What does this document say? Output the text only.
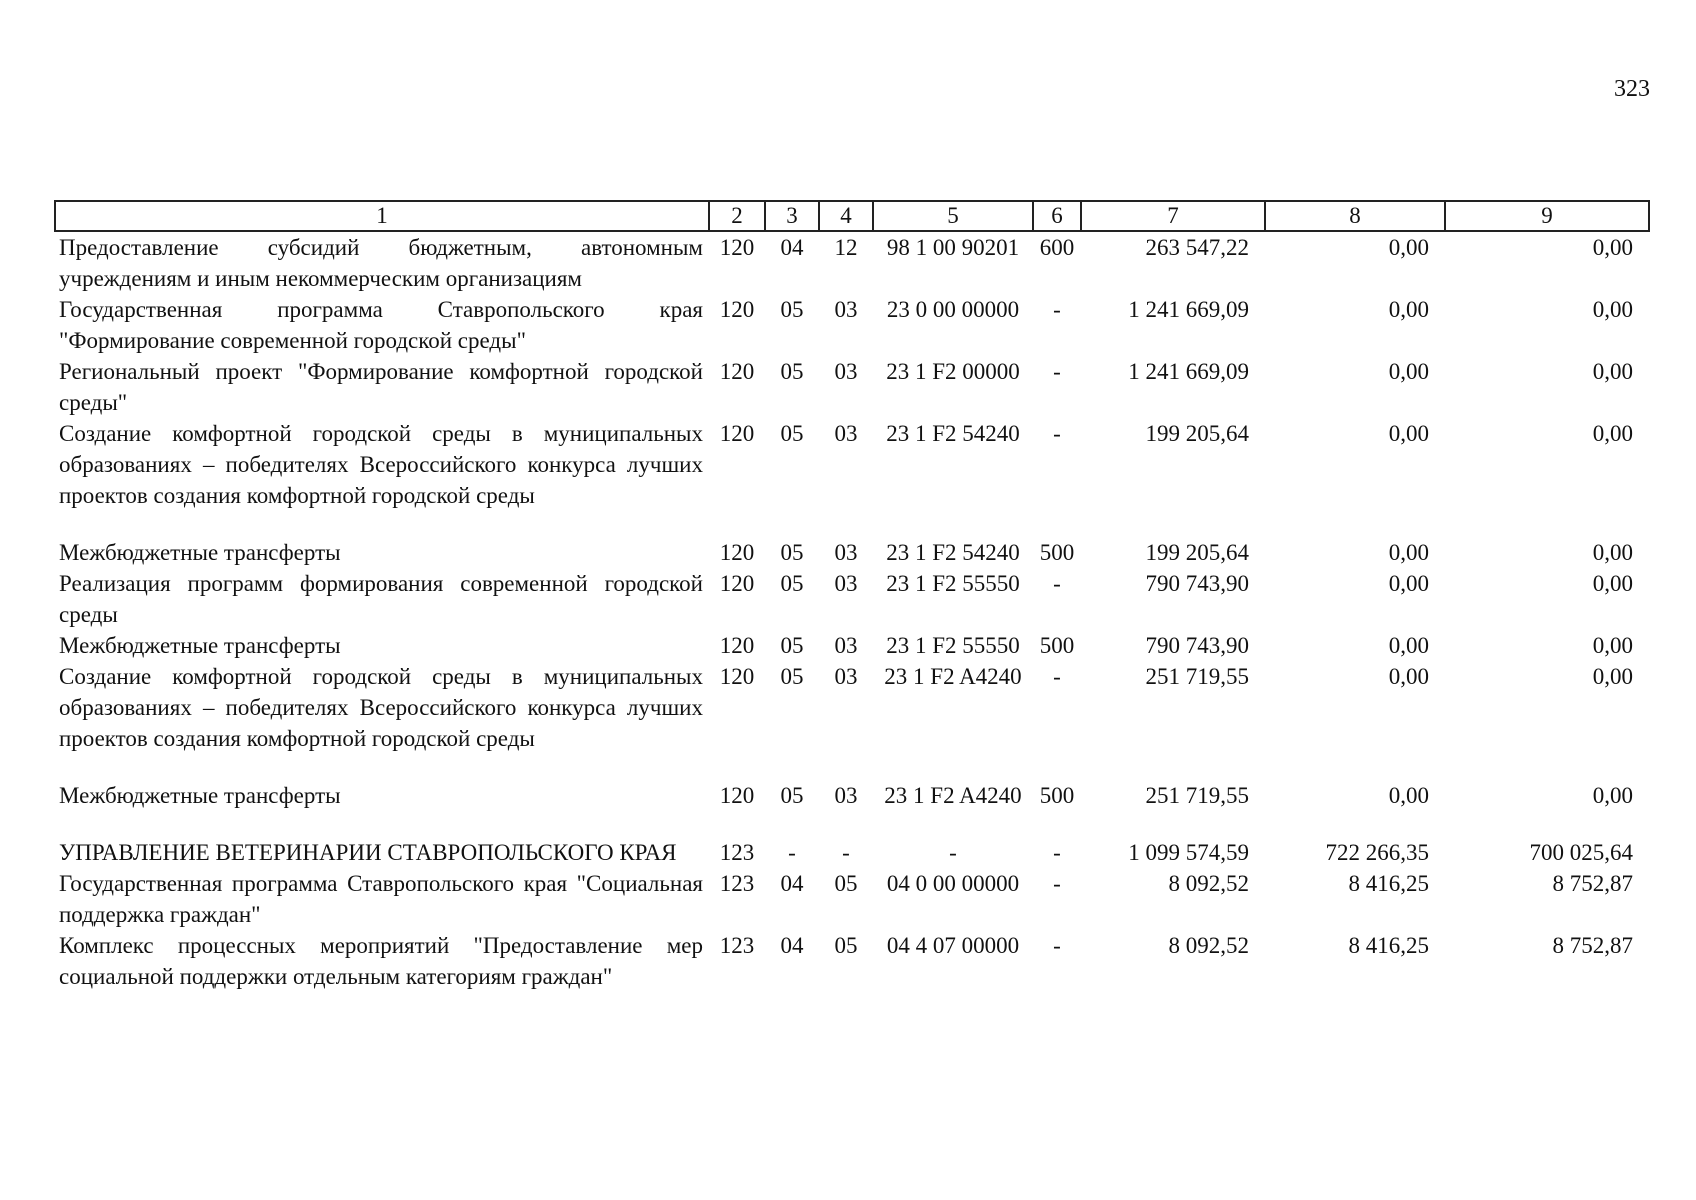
323
1	2	3	4	5	6	7	8	9
Предоставление субсидий бюджетным, автономным учреждениям и иным некоммерческим организациям	120	04	12	98 1 00 90201	600	263 547,22	0,00	0,00
Государственная программа Ставропольского края "Формирование современной городской среды"	120	05	03	23 0 00 00000	-	1 241 669,09	0,00	0,00
Региональный проект "Формирование комфортной городской среды"	120	05	03	23 1 F2 00000	-	1 241 669,09	0,00	0,00
Создание комфортной городской среды в муниципальных образованиях – победителях Всероссийского конкурса лучших проектов создания комфортной городской среды	120	05	03	23 1 F2 54240	-	199 205,64	0,00	0,00
Межбюджетные трансферты	120	05	03	23 1 F2 54240	500	199 205,64	0,00	0,00
Реализация программ формирования современной городской среды	120	05	03	23 1 F2 55550	-	790 743,90	0,00	0,00
Межбюджетные трансферты	120	05	03	23 1 F2 55550	500	790 743,90	0,00	0,00
Создание комфортной городской среды в муниципальных образованиях – победителях Всероссийского конкурса лучших проектов создания комфортной городской среды	120	05	03	23 1 F2 A4240	-	251 719,55	0,00	0,00
Межбюджетные трансферты	120	05	03	23 1 F2 A4240	500	251 719,55	0,00	0,00
УПРАВЛЕНИЕ ВЕТЕРИНАРИИ СТАВРОПОЛЬСКОГО КРАЯ	123	-	-	-	-	1 099 574,59	722 266,35	700 025,64
Государственная программа Ставропольского края "Социальная поддержка граждан"	123	04	05	04 0 00 00000	-	8 092,52	8 416,25	8 752,87
Комплекс процессных мероприятий "Предоставление мер социальной поддержки отдельным категориям граждан"	123	04	05	04 4 07 00000	-	8 092,52	8 416,25	8 752,87
